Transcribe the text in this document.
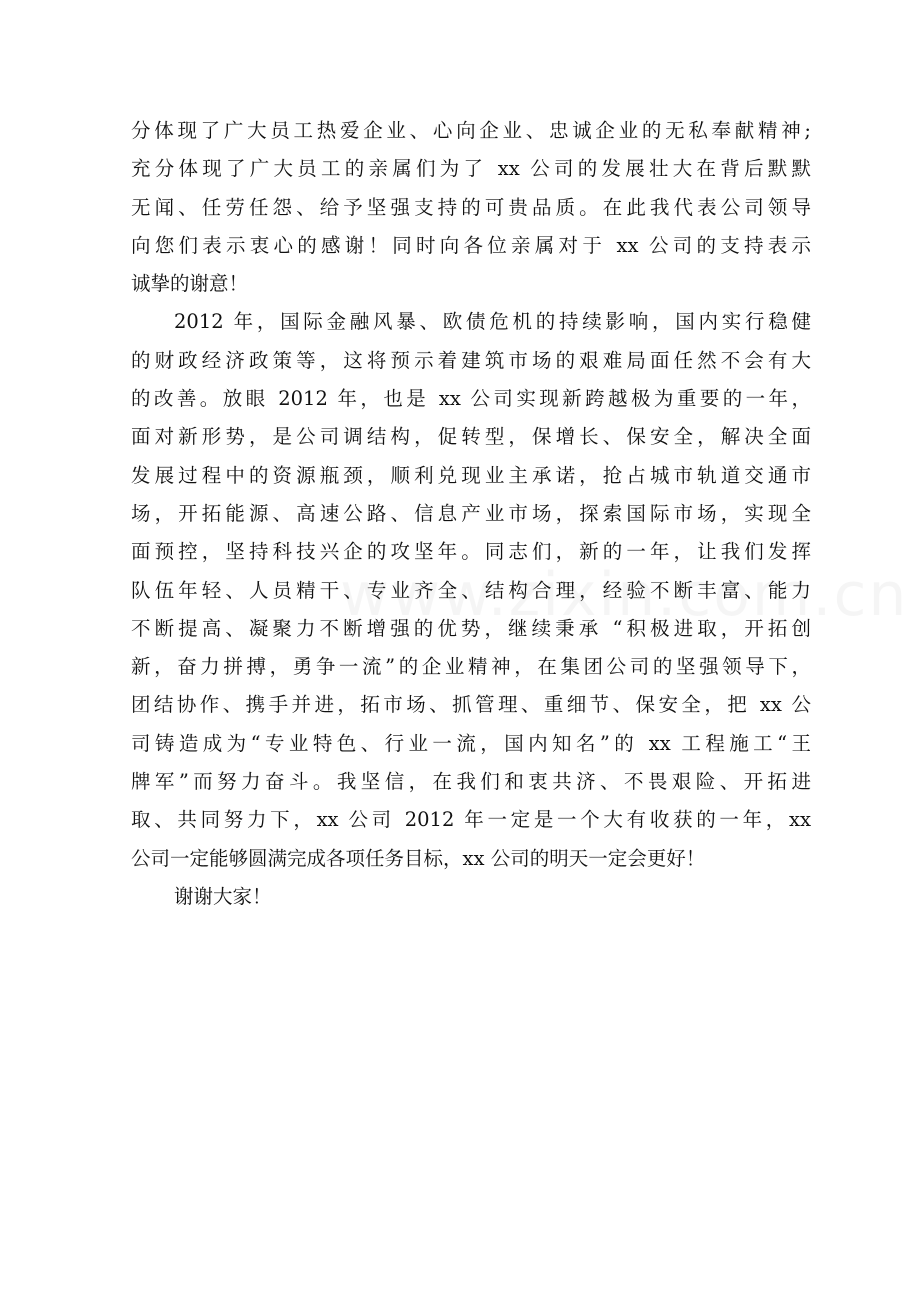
分体现了广大员工热爱企业、心向企业、忠诚企业的无私奉献精神;
充分体现了广大员工的亲属们为了 xx 公司的发展壮大在背后默默
无闻、任劳任怨、给予坚强支持的可贵品质。在此我代表公司领导
向您们表示衷心的感谢！同时向各位亲属对于 xx 公司的支持表示
诚挚的谢意！
2012 年，国际金融风暴、欧债危机的持续影响，国内实行稳健
的财政经济政策等，这将预示着建筑市场的艰难局面任然不会有大
的改善。放眼 2012 年，也是 xx 公司实现新跨越极为重要的一年，
面对新形势，是公司调结构，促转型，保增长、保安全，解决全面
发展过程中的资源瓶颈，顺利兑现业主承诺，抢占城市轨道交通市
场，开拓能源、高速公路、信息产业市场，探索国际市场，实现全
面预控，坚持科技兴企的攻坚年。同志们，新的一年，让我们发挥
队伍年轻、人员精干、专业齐全、结构合理，经验不断丰富、能力
不断提高、凝聚力不断增强的优势，继续秉承 “积极进取，开拓创
新，奋力拼搏，勇争一流”的企业精神，在集团公司的坚强领导下，
团结协作、携手并进，拓市场、抓管理、重细节、保安全，把 xx 公
司铸造成为“专业特色、行业一流，国内知名”的 xx 工程施工“王
牌军”而努力奋斗。我坚信，在我们和衷共济、不畏艰险、开拓进
取、共同努力下，xx 公司 2012 年一定是一个大有收获的一年，xx
公司一定能够圆满完成各项任务目标，xx 公司的明天一定会更好！
谢谢大家！
